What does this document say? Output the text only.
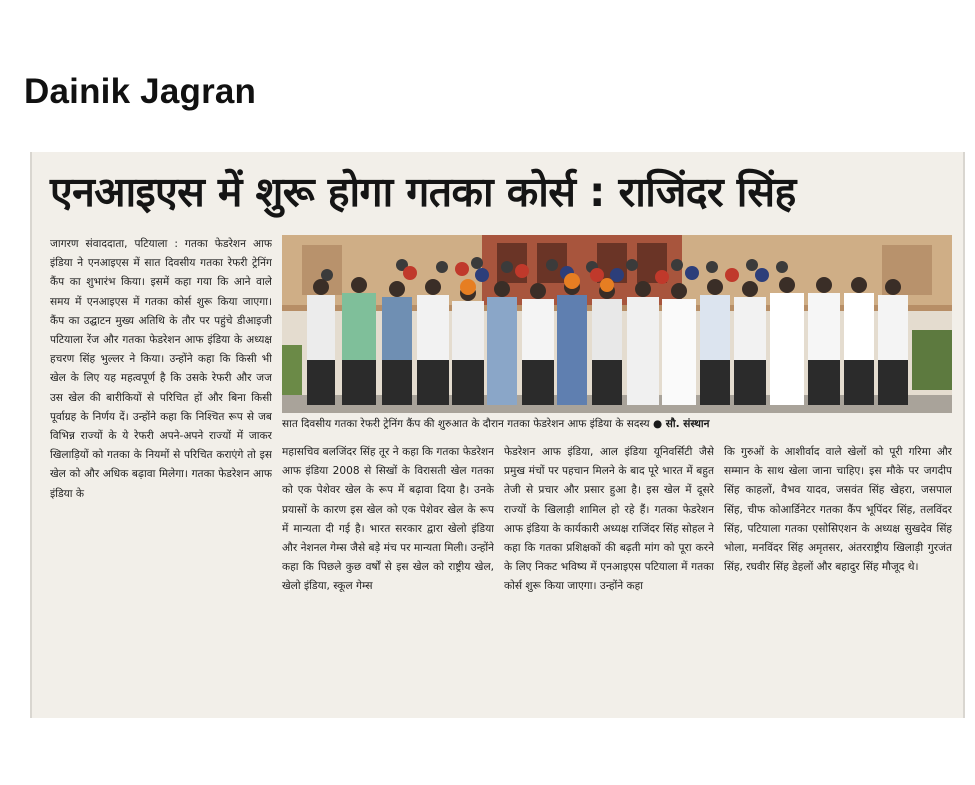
Dainik Jagran
एनआइएस में शुरू होगा गतका कोर्स : राजिंदर सिंह
जागरण संवाददाता, पटियाला : गतका फेडरेशन आफ इंडिया ने एनआइएस में सात दिवसीय गतका रेफरी ट्रेनिंग कैंप का शुभारंभ किया। इसमें कहा गया कि आने वाले समय में एनआइएस में गतका कोर्स शुरू किया जाएगा। कैंप का उद्घाटन मुख्य अतिथि के तौर पर पहुंचे डीआइजी पटियाला रेंज और गतका फेडरेशन आफ इंडिया के अध्यक्ष हचरण सिंह भुल्लर ने किया। उन्होंने कहा कि किसी भी खेल के लिए यह महत्वपूर्ण है कि उसके रेफरी और जज उस खेल की बारीकियों से परिचित हों और बिना किसी पूर्वाग्रह के निर्णय दें। उन्होंने कहा कि निश्चित रूप से जब विभिन्न राज्यों के ये रेफरी अपने-अपने राज्यों में जाकर खिलाड़ियों को गतका के नियमों से परिचित कराएंगे तो इस खेल को और अधिक बढ़ावा मिलेगा। गतका फेडरेशन आफ इंडिया के
सात दिवसीय गतका रेफरी ट्रेनिंग कैंप की शुरुआत के दौरान गतका फेडरेशन आफ इंडिया के सदस्य ● सौ. संस्थान
महासचिव बलजिंदर सिंह तूर ने कहा कि गतका फेडरेशन आफ इंडिया 2008 से सिखों के विरासती खेल गतका को एक पेशेवर खेल के रूप में बढ़ावा दिया है। उनके प्रयासों के कारण इस खेल को एक पेशेवर खेल के रूप में मान्यता दी गई है। भारत सरकार द्वारा खेलो इंडिया और नेशनल गेम्स जैसे बड़े मंच पर मान्यता मिली। उन्होंने कहा कि पिछले कुछ वर्षों से इस खेल को राष्ट्रीय खेल, खेलो इंडिया, स्कूल गेम्स
फेडरेशन आफ इंडिया, आल इंडिया यूनिवर्सिटी जैसे प्रमुख मंचों पर पहचान मिलने के बाद पूरे भारत में बहुत तेजी से प्रचार और प्रसार हुआ है। इस खेल में दूसरे राज्यों के खिलाड़ी शामिल हो रहे हैं। गतका फेडरेशन आफ इंडिया के कार्यकारी अध्यक्ष राजिंदर सिंह सोहल ने कहा कि गतका प्रशिक्षकों की बढ़ती मांग को पूरा करने के लिए निकट भविष्य में एनआइएस पटियाला में गतका कोर्स शुरू किया जाएगा। उन्होंने कहा
कि गुरुओं के आशीर्वाद वाले खेलों को पूरी गरिमा और सम्मान के साथ खेला जाना चाहिए। इस मौके पर जगदीप सिंह काहलों, वैभव यादव, जसवंत सिंह खेहरा, जसपाल सिंह, चीफ कोआर्डिनेटर गतका कैंप भूपिंदर सिंह, तलविंदर सिंह, पटियाला गतका एसोसिएशन के अध्यक्ष सुखदेव सिंह भोला, मनविंदर सिंह अमृतसर, अंतरराष्ट्रीय खिलाड़ी गुरजंत सिंह, रघवीर सिंह डेहलों और बहादुर सिंह मौजूद थे।
